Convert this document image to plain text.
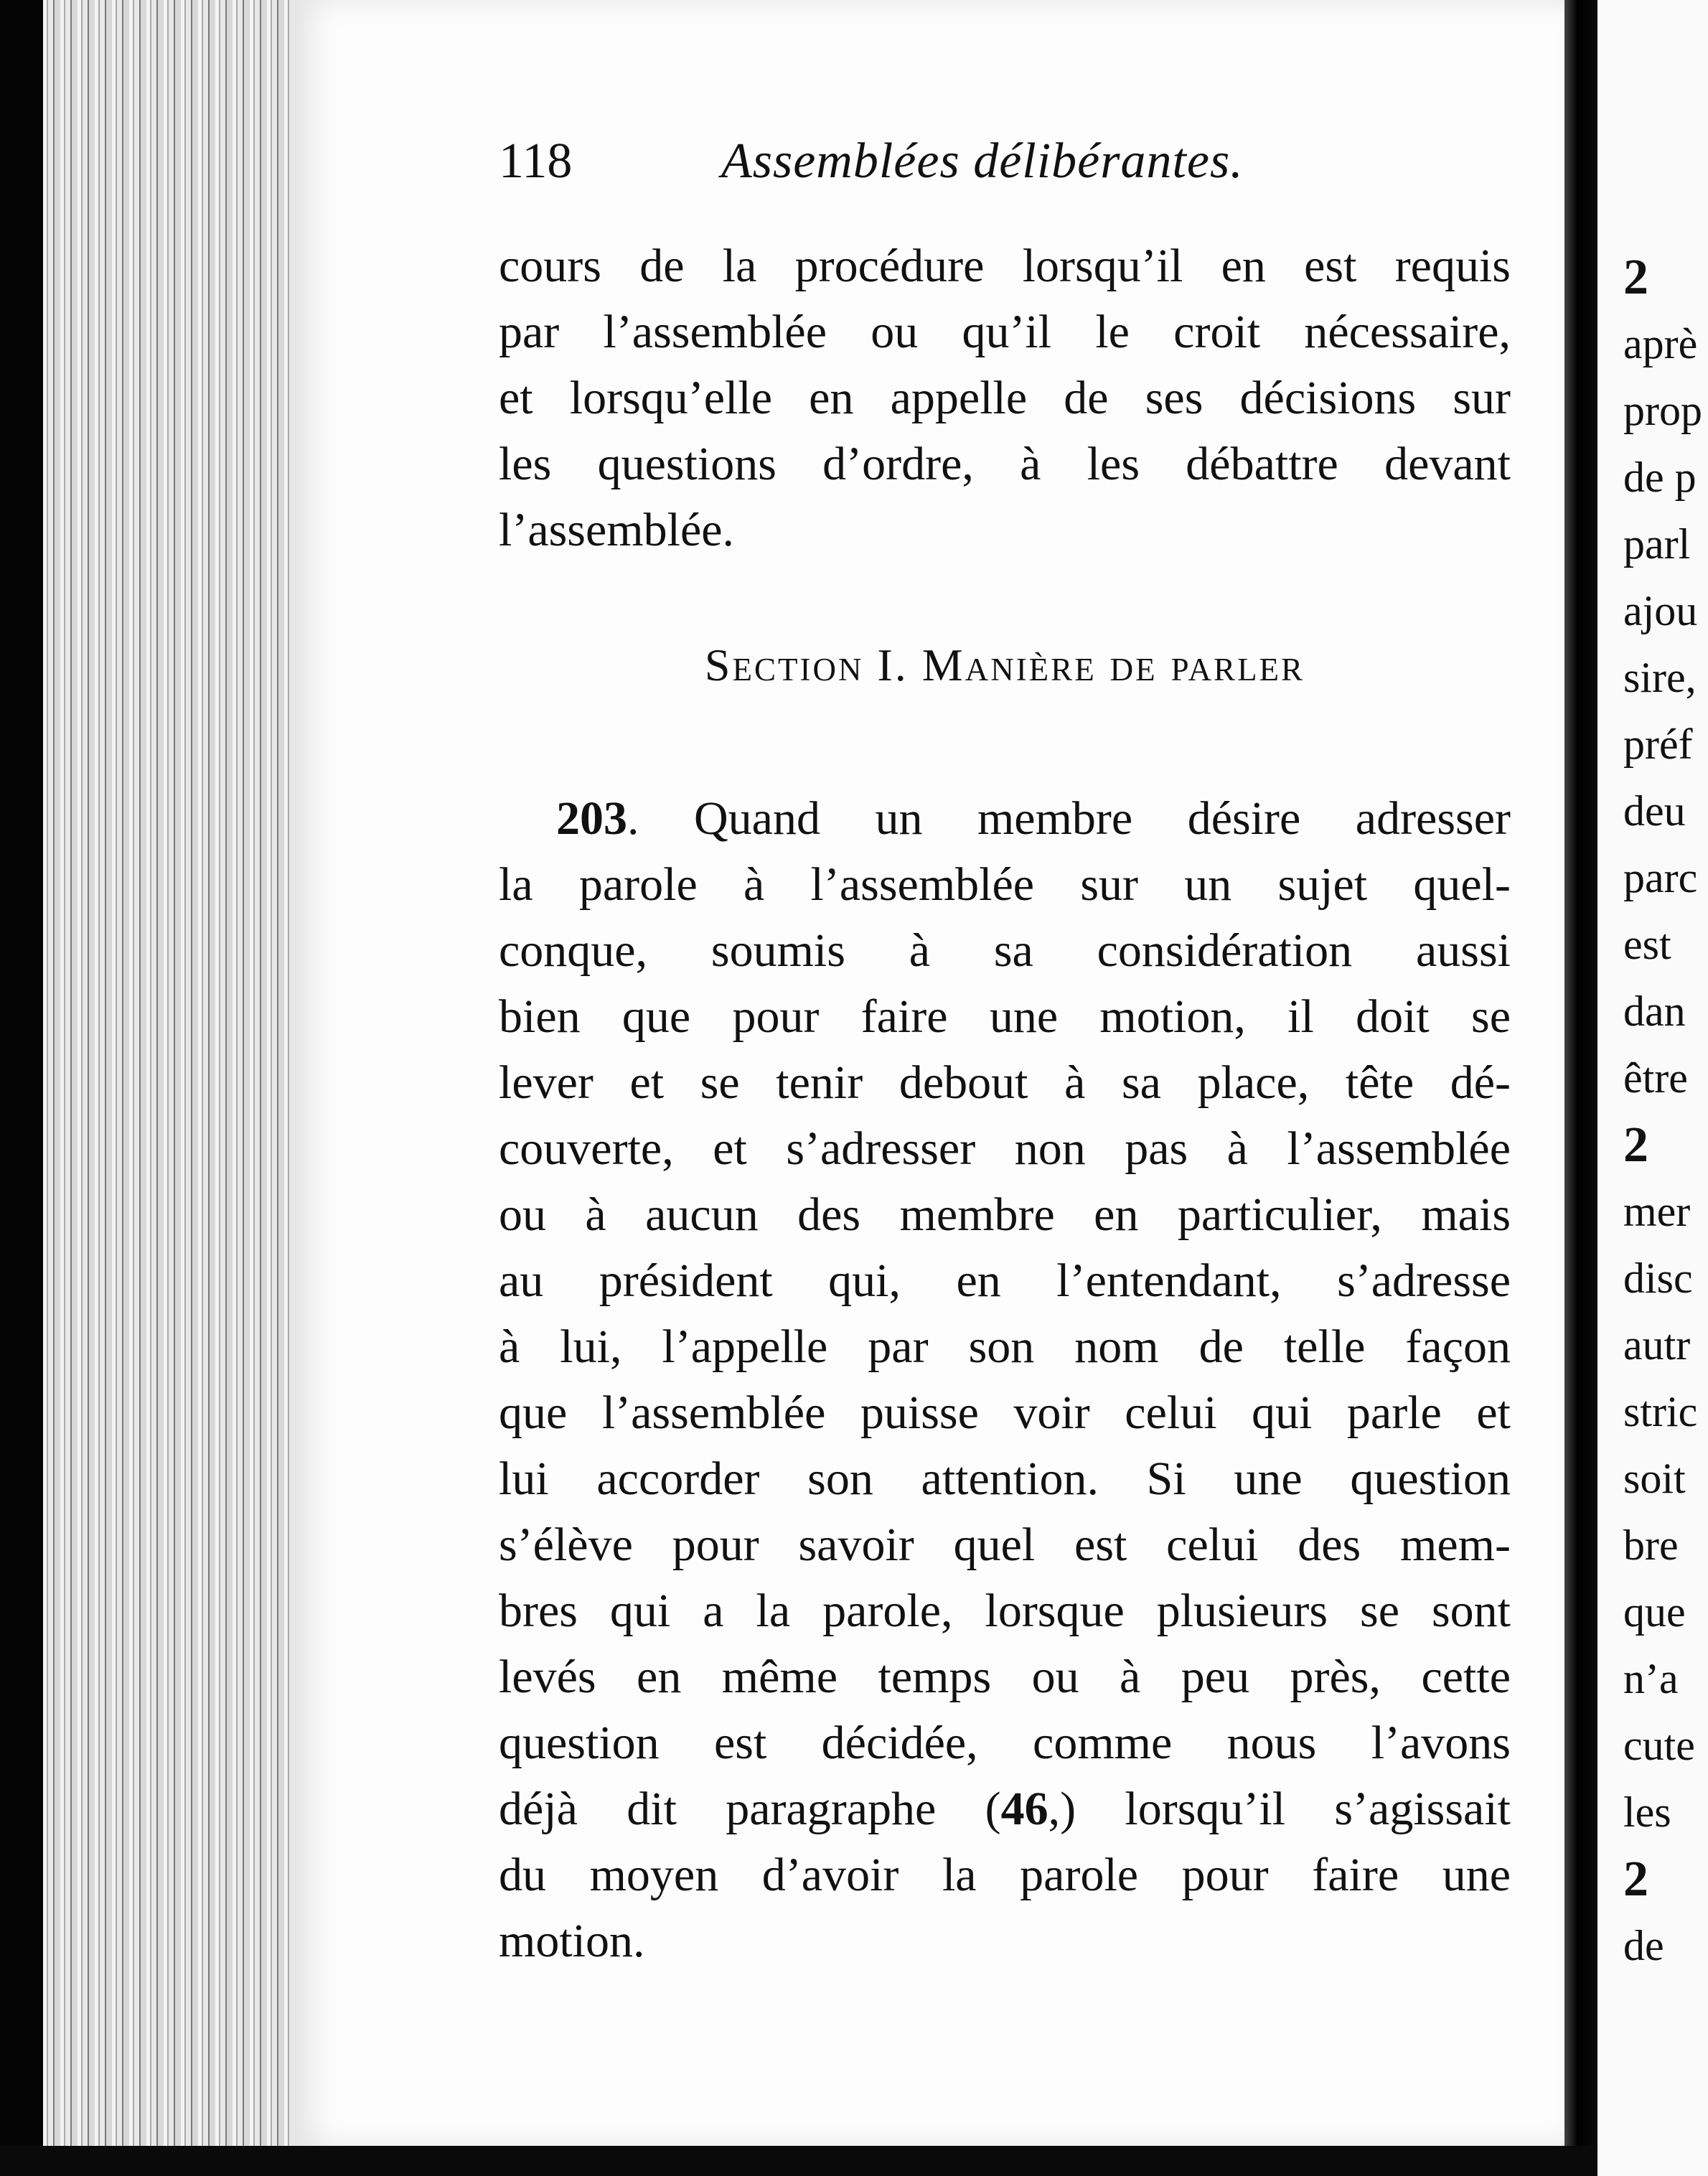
118	Assemblées délibérantes.
cours de la procédure lorsqu’il en est requis
par l’assemblée ou qu’il le croit nécessaire,
et lorsqu’elle en appelle de ses décisions sur
les questions d’ordre, à les débattre devant
l’assemblée.
Section I. Manière de parler
203. Quand un membre désire adresser
la parole à l’assemblée sur un sujet quel-
conque, soumis à sa considération aussi
bien que pour faire une motion, il doit se
lever et se tenir debout à sa place, tête dé-
couverte, et s’adresser non pas à l’assemblée
ou à aucun des membre en particulier, mais
au président qui, en l’entendant, s’adresse
à lui, l’appelle par son nom de telle façon
que l’assemblée puisse voir celui qui parle et
lui accorder son attention. Si une question
s’élève pour savoir quel est celui des mem-
bres qui a la parole, lorsque plusieurs se sont
levés en même temps ou à peu près, cette
question est décidée, comme nous l’avons
déjà dit paragraphe (46,) lorsqu’il s’agissait
du moyen d’avoir la parole pour faire une
motion.
2
aprè
prop
de p
parl
ajou
sire,
préf
deu
parc
est
dan
être
2
mer
disc
autr
stric
soit
bre
que
n’a
cute
les
2
de
